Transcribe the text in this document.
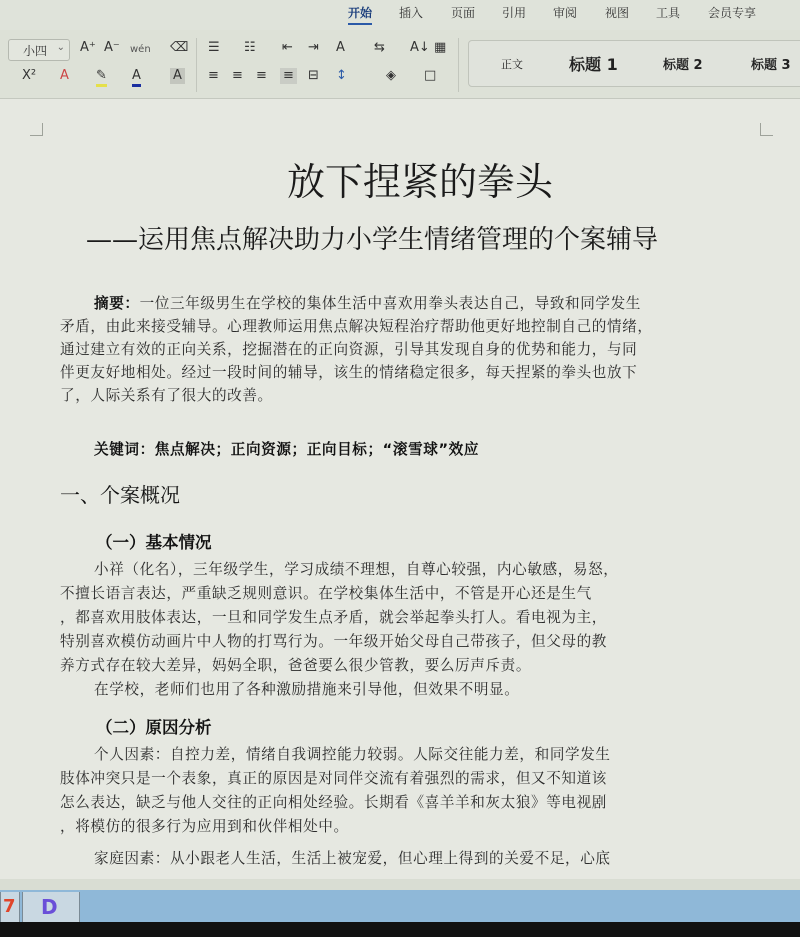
开始 插入 页面 引用 审阅 视图 工具 会员专享
小四 ⌄ A⁺ A⁻ wén ⌫
X² A ✎ A A
☰ ☷ ⇤ ⇥ A ⇆ A↓ ▦
≡ ≡ ≡ ≡ ⊟ ↕	◈ □
正文	标题 1	标题 2	标题 3
放下捏紧的拳头
——运用焦点解决助力小学生情绪管理的个案辅导
摘要：一位三年级男生在学校的集体生活中喜欢用拳头表达自己，导致和同学发生
矛盾，由此来接受辅导。心理教师运用焦点解决短程治疗帮助他更好地控制自己的情绪，
通过建立有效的正向关系，挖掘潜在的正向资源，引导其发现自身的优势和能力，与同
伴更友好地相处。经过一段时间的辅导，该生的情绪稳定很多，每天捏紧的拳头也放下
了，人际关系有了很大的改善。
关键词：焦点解决；正向资源；正向目标；“滚雪球”效应
一、个案概况
（一）基本情况
小祥（化名），三年级学生，学习成绩不理想，自尊心较强，内心敏感，易怒，
不擅长语言表达，严重缺乏规则意识。在学校集体生活中，不管是开心还是生气
，都喜欢用肢体表达，一旦和同学发生点矛盾，就会举起拳头打人。看电视为主，
特别喜欢模仿动画片中人物的打骂行为。一年级开始父母自己带孩子，但父母的教
养方式存在较大差异，妈妈全职，爸爸要么很少管教，要么厉声斥责。
在学校，老师们也用了各种激励措施来引导他，但效果不明显。
（二）原因分析
个人因素：自控力差，情绪自我调控能力较弱。人际交往能力差，和同学发生
肢体冲突只是一个表象，真正的原因是对同伴交流有着强烈的需求，但又不知道该
怎么表达，缺乏与他人交往的正向相处经验。长期看《喜羊羊和灰太狼》等电视剧
，将模仿的很多行为应用到和伙伴相处中。
家庭因素：从小跟老人生活，生活上被宠爱，但心理上得到的关爱不足，心底
7 D
